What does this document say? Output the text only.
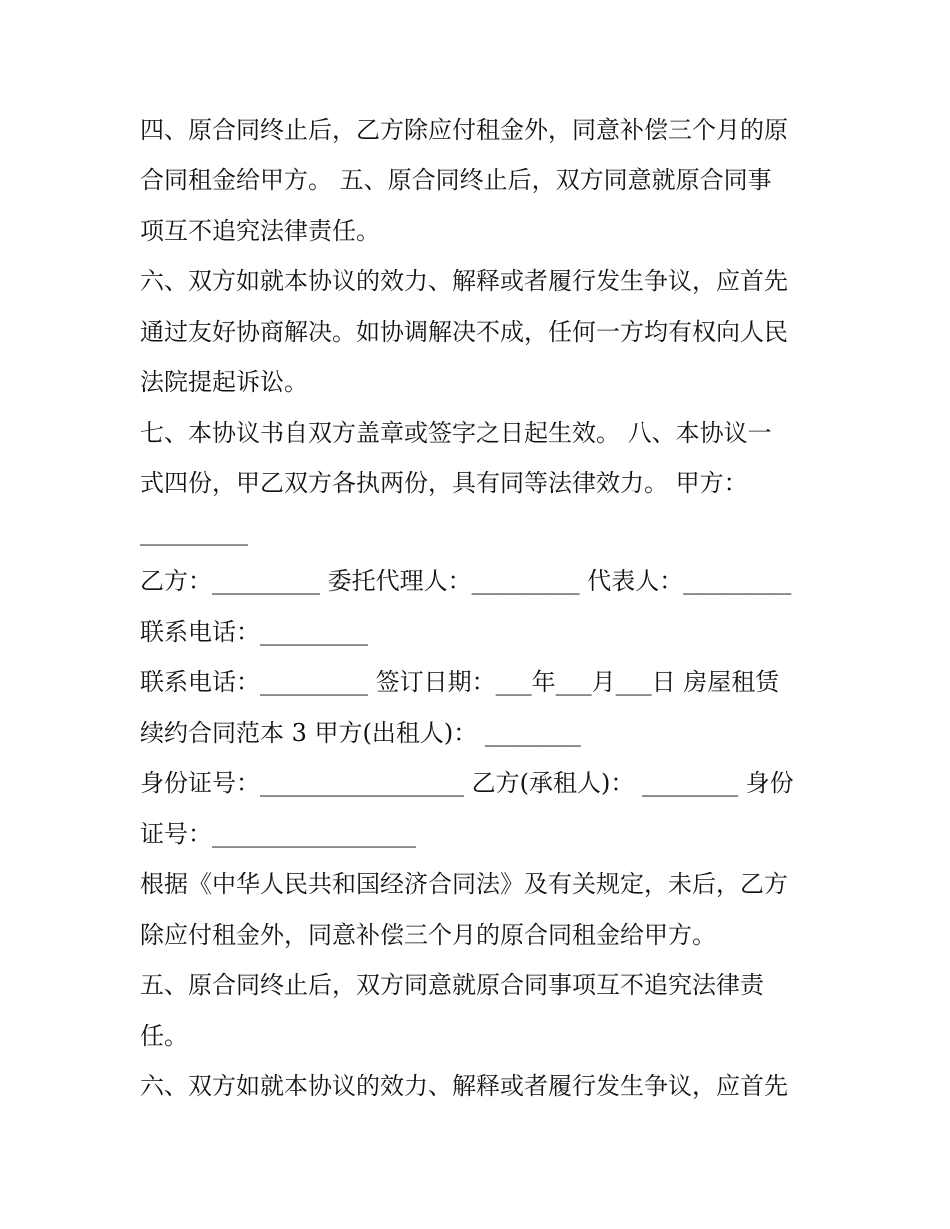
四、原合同终止后，乙方除应付租金外，同意补偿三个月的原
合同租金给甲方。 五、原合同终止后，双方同意就原合同事
项互不追究法律责任。
六、双方如就本协议的效力、解释或者履行发生争议，应首先
通过友好协商解决。如协调解决不成，任何一方均有权向人民
法院提起诉讼。
七、本协议书自双方盖章或签字之日起生效。 八、本协议一
式四份，甲乙双方各执两份，具有同等法律效力。 甲方：
_________
乙方：_________ 委托代理人：_________ 代表人：_________
联系电话：_________
联系电话：_________ 签订日期：___年___月___日 房屋租赁
续约合同范本 3 甲方(出租人)： ________
身份证号：_________________ 乙方(承租人)： ________ 身份
证号：_________________
根据《中华人民共和国经济合同法》及有关规定，未后，乙方
除应付租金外，同意补偿三个月的原合同租金给甲方。
五、原合同终止后，双方同意就原合同事项互不追究法律责
任。
六、双方如就本协议的效力、解释或者履行发生争议，应首先
